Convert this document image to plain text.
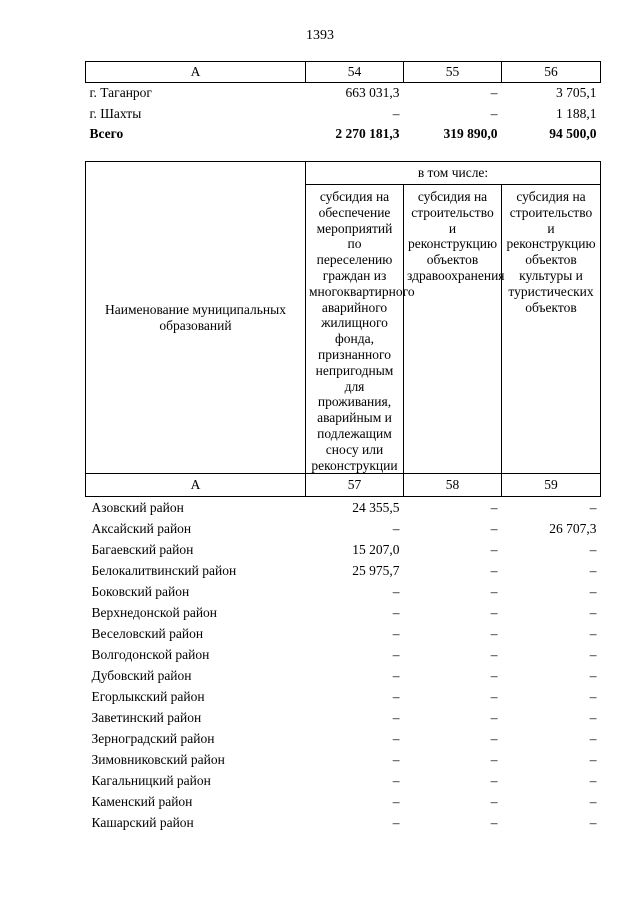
1393
А	54	55	56
г. Таганрог	663 031,3	–	3 705,1
г. Шахты	–	–	1 188,1
Всего	2 270 181,3	319 890,0	94 500,0
Наименование муниципальных образований	в том числе:		
	субсидия на обеспечение мероприятий по переселению граждан из многоквартирного аварийного жилищного фонда, признанного непригодным для проживания, аварийным и подлежащим сносу или реконструкции	субсидия на строительство и реконструкцию объектов здравоохранения	субсидия на строительство и реконструкцию объектов культуры и туристических объектов
А	57	58	59
Азовский район	24 355,5	–	–
Аксайский район	–	–	26 707,3
Багаевский район	15 207,0	–	–
Белокалитвинский район	25 975,7	–	–
Боковский район	–	–	–
Верхнедонской район	–	–	–
Веселовский район	–	–	–
Волгодонской район	–	–	–
Дубовский район	–	–	–
Егорлыкский район	–	–	–
Заветинский район	–	–	–
Зерноградский район	–	–	–
Зимовниковский район	–	–	–
Кагальницкий район	–	–	–
Каменский район	–	–	–
Кашарский район	–	–	–
